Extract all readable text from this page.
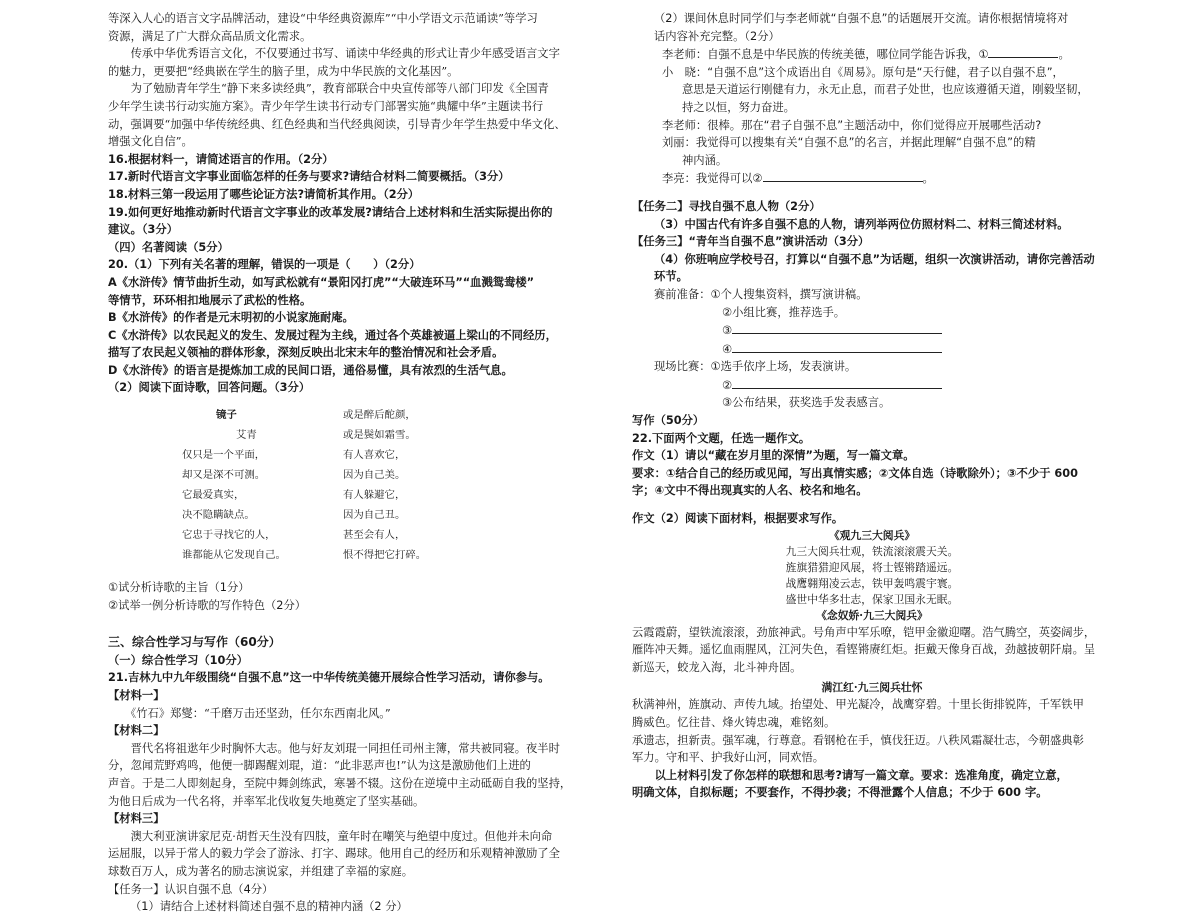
等深入人心的语言文字品牌活动，建设“中华经典资源库”“中小学语文示范诵读”等学习

资源，满足了广大群众高品质文化需求。

　　传承中华优秀语言文化，不仅要通过书写、诵读中华经典的形式让青少年感受语言文字

的魅力，更要把“经典嵌在学生的脑子里，成为中华民族的文化基因”。

　　为了勉励青年学生“静下来多读经典”，教育部联合中央宣传部等八部门印发《全国青

少年学生读书行动实施方案》。青少年学生读书行动专门部署实施“典耀中华”主题读书行

动，强调要“加强中华传统经典、红色经典和当代经典阅读，引导青少年学生热爱中华文化、

增强文化自信”。

16.根据材料一，请简述语言的作用。（2分）

17.新时代语言文字事业面临怎样的任务与要求?请结合材料二简要概括。（3分）

18.材料三第一段运用了哪些论证方法?请简析其作用。（2分）

19.如何更好地推动新时代语言文字事业的改革发展?请结合上述材料和生活实际提出你的

建议。（3分）

（四）名著阅读（5分）

20.（1）下列有关名著的理解，错误的一项是（　　）（2分）

A《水浒传》情节曲折生动，如写武松就有“景阳冈打虎”“大破连环马”“血溅鸳鸯楼”

等情节，环环相扣地展示了武松的性格。

B《水浒传》的作者是元末明初的小说家施耐庵。

C《水浒传》以农民起义的发生、发展过程为主线，通过各个英雄被逼上梁山的不同经历，

描写了农民起义领袖的群体形象，深刻反映出北宋末年的整治情况和社会矛盾。

D《水浒传》的语言是提炼加工成的民间口语，通俗易懂，具有浓烈的生活气息。

（2）阅读下面诗歌，回答问题。（3分）

镜子	或是醉后酡颜，
艾青	或是鬓如霜雪。
仅只是一个平面，	有人喜欢它，
却又是深不可测。	因为自己美。
它最爱真实，	有人躲避它，
决不隐瞒缺点。	因为自己丑。
它忠于寻找它的人，	甚至会有人，
谁都能从它发现自己。	恨不得把它打碎。

①试分析诗歌的主旨（1分）

②试举一例分析诗歌的写作特色（2分）

三、综合性学习与写作（60分）

（一）综合性学习（10分）

21.吉林九中九年级围绕“自强不息”这一中华传统美德开展综合性学习活动，请你参与。

【材料一】

　　《竹石》郑燮：“千磨万击还坚劲，任尔东西南北风。”

【材料二】

　　晋代名将祖逖年少时胸怀大志。他与好友刘琨一同担任司州主簿，常共被同寝。夜半时

分，忽闻荒野鸡鸣，他便一脚踢醒刘琨，道：“此非恶声也!”认为这是激励他们上进的

声音。于是二人即刻起身，至院中舞剑练武，寒暑不辍。这份在逆境中主动砥砺自我的坚持，

为他日后成为一代名将，并率军北伐收复失地奠定了坚实基础。

【材料三】

　　澳大利亚演讲家尼克·胡哲天生没有四肢，童年时在嘲笑与绝望中度过。但他并未向命

运屈服，以异于常人的毅力学会了游泳、打字、踢球。他用自己的经历和乐观精神激励了全

球数百万人，成为著名的励志演说家，并组建了幸福的家庭。

【任务一】认识自强不息（4分）

（1）请结合上述材料简述自强不息的精神内涵（2 分）

（2）课间休息时同学们与李老师就“自强不息”的话题展开交流。请你根据情境将对

话内容补充完整。（2分）

李老师：自强不息是中华民族的传统美德，哪位同学能告诉我，①	。

小　晓：“自强不息”这个成语出自《周易》。原句是“天行健，君子以自强不息”，

意思是天道运行刚健有力，永无止息，而君子处世，也应该遵循天道，刚毅坚韧，

持之以恒，努力奋进。

李老师：很棒。那在“君子自强不息”主题活动中，你们觉得应开展哪些活动?

刘丽：我觉得可以搜集有关“自强不息”的名言，并据此理解“自强不息”的精

神内涵。

李亮：我觉得可以②	。

【任务二】寻找自强不息人物（2分）

（3）中国古代有许多自强不息的人物，请列举两位仿照材料二、材料三简述材料。

【任务三】“青年当自强不息”演讲活动（3分）

（4）你班响应学校号召，打算以“自强不息”为话题，组织一次演讲活动，请你完善活动

环节。

赛前准备：①个人搜集资料，撰写演讲稿。

②小组比赛，推荐选手。

③

④

现场比赛：①选手依序上场，发表演讲。

②

③公布结果，获奖选手发表感言。

写作（50分）

22.下面两个文题，任选一题作文。

作文（1）请以“藏在岁月里的深情”为题，写一篇文章。

要求：①结合自己的经历或见闻，写出真情实感；②文体自选（诗歌除外）；③不少于 600

字；④文中不得出现真实的人名、校名和地名。

作文（2）阅读下面材料，根据要求写作。

《观九三大阅兵》

九三大阅兵壮观，铁流滚滚震天关。

旌旗猎猎迎风展，将士铿锵踏遥远。

战鹰翱翔凌云志，铁甲轰鸣震宇寰。

盛世中华多壮志，保家卫国永无眠。

《念奴娇·九三大阅兵》

云霞霞蔚，望铁流滚滚，劲旅神武。号角声中军乐嘹，铠甲金徽迎曙。浩气腾空，英姿阔步，

雁阵冲天舞。遥忆血雨腥风，江河失色，看铿锵赓红炬。拒戴天像身百战，劲越披朝阡扇。呈

新巡天，蛟龙入海，北斗神舟固。

满江红·九三阅兵壮怀

秋满神州，旌旗动、声传九域。抬望处、甲光凝冷，战鹰穿碧。十里长街排锐阵，千军铁甲

腾威色。忆往昔、烽火铸忠魂，难铭刻。

承遗志，担新责。强军魂，行尊意。看钢枪在手，慎伐狂迈。八秩风霜凝壮志，今朝盛典彰

军力。守和平、护我好山河，同欢悟。

　　以上材料引发了你怎样的联想和思考?请写一篇文章。要求：选准角度，确定立意，

明确文体，自拟标题；不要套作，不得抄袭；不得泄露个人信息；不少于 600 字。
